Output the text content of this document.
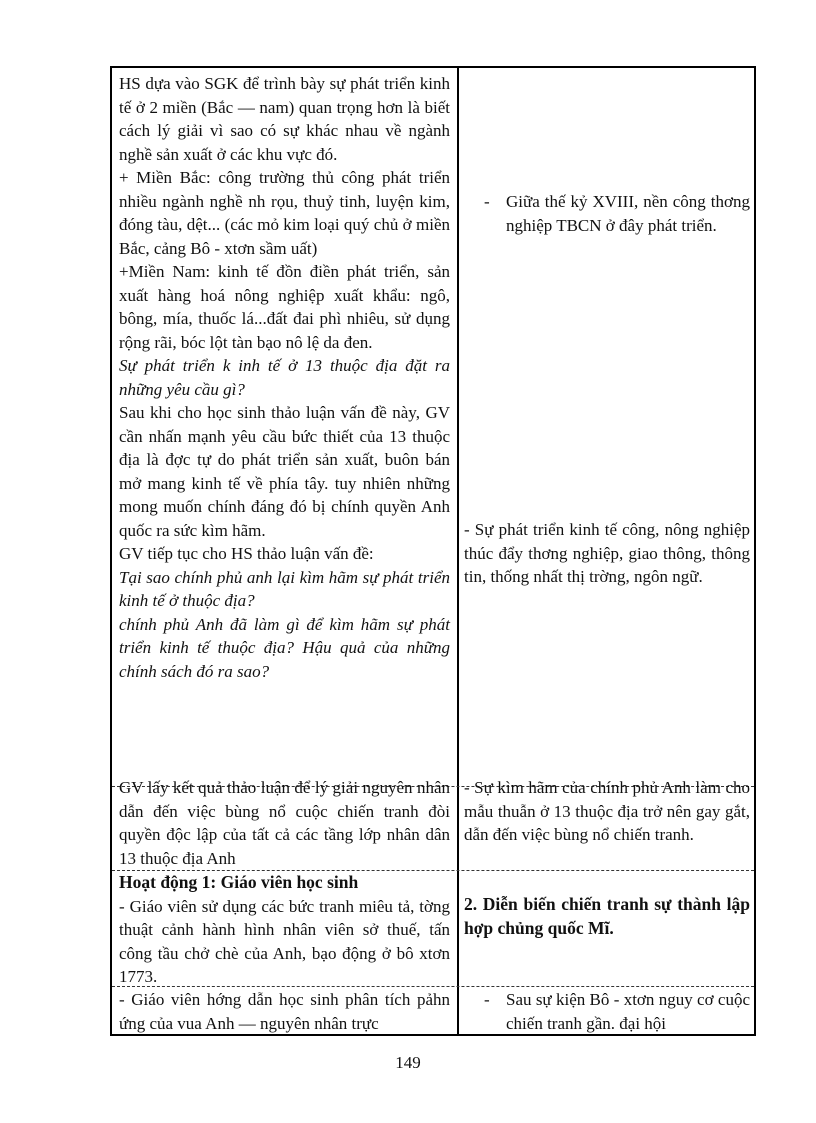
HS dựa vào SGK để trình bày sự phát triển kinh tế ở 2 miền (Bắc — nam) quan trọng hơn là biết cách lý giải vì sao có sự khác nhau về ngành nghề sản xuất ở các khu vực đó.

+ Miền Bắc: công trường thủ công phát triển nhiều ngành nghề nh rọu, thuỷ tinh, luyện kim, đóng tàu, dệt... (các mỏ kim loại quý chủ ở miền Bắc, cảng Bô - xtơn sầm uất)

+Miền Nam: kinh tế đồn điền phát triển, sản xuất hàng hoá nông nghiệp xuất khẩu: ngô, bông, mía, thuốc lá...đất đai phì nhiêu, sử dụng rộng rãi, bóc lột tàn bạo nô lệ da đen.

Sự phát triển k inh tế ở 13 thuộc địa đặt ra những yêu cầu gì?

Sau khi cho học sinh thảo luận vấn đề này, GV cần nhấn mạnh yêu cầu bức thiết của 13 thuộc địa là đợc tự do phát triển sản xuất, buôn bán mở mang kinh tế về phía tây. tuy nhiên những mong muốn chính đáng đó bị chính quyền Anh quốc ra sức kìm hãm.

GV tiếp tục cho HS thảo luận vấn đề:

Tại sao chính phủ anh lại kìm hãm sự phát triển kinh tế ở thuộc địa?

chính phủ Anh đã làm gì để kìm hãm sự phát triển kinh tế thuộc địa? Hậu quả của những chính sách đó ra sao?

GV lấy kết quả thảo luận để lý giải nguyên nhân dẫn đến việc bùng nổ cuộc chiến tranh đòi quyền độc lập của tất cả các tầng lớp nhân dân 13 thuộc địa Anh

Hoạt động 1: Giáo viên học sinh

- Giáo viên sử dụng các bức tranh miêu tả, tờng thuật cảnh hành hình nhân viên sở thuế, tấn công tầu chở chè của Anh, bạo động ở bô xtơn 1773.

- Giáo viên hớng dẫn học sinh phân tích pảhn ứng của vua Anh — nguyên nhân trực

- Giữa thế kỷ XVIII, nền công thơng nghiệp TBCN ở đây phát triển.

- Sự phát triển kinh tế công, nông nghiệp thúc đẩy thơng nghiệp, giao thông, thông tin, thống nhất thị trờng, ngôn ngữ.

- Sự kìm hãm của chính phủ Anh làm cho mẫu thuẫn ở 13 thuộc địa trở nên gay gắt, dẫn đến việc bùng nổ chiến tranh.

2. Diễn biến chiến tranh sự thành lập hợp chủng quốc Mĩ.

- Sau sự kiện Bô - xtơn nguy cơ cuộc chiến tranh gần. đại hội

149
